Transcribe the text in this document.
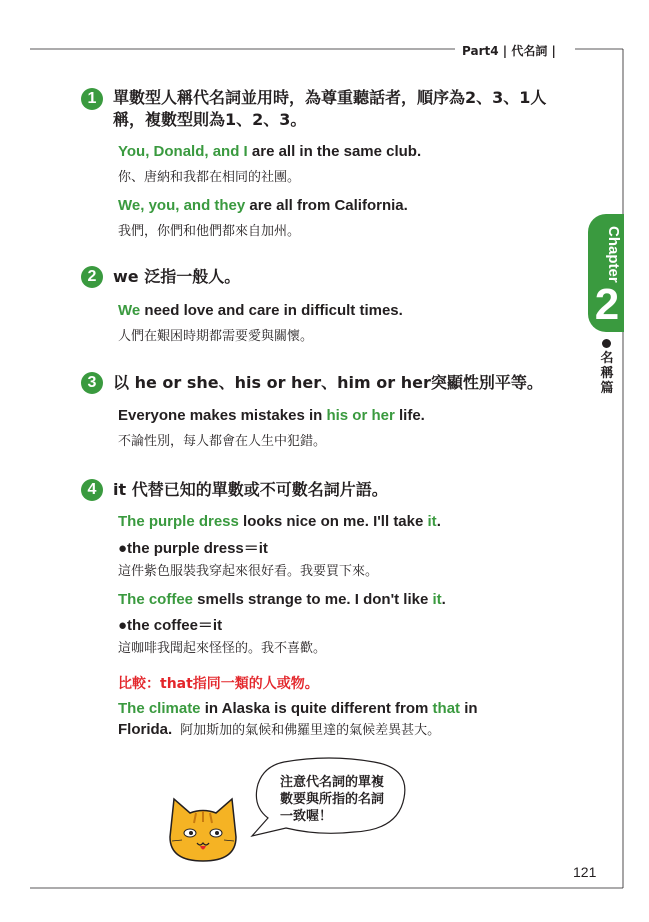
Part4 | 代名詞 |
Chapter
2
名稱篇
1	單數型人稱代名詞並用時，為尊重聽話者，順序為2、3、1人
稱，複數型則為1、2、3。
You, Donald, and I are all in the same club.
你、唐納和我都在相同的社團。
We, you, and they are all from California.
我們，你們和他們都來自加州。
2	we 泛指一般人。
We need love and care in difficult times.
人們在艱困時期都需要愛與關懷。
3	以 he or she、his or her、him or her突顯性別平等。
Everyone makes mistakes in his or her life.
不論性別，每人都會在人生中犯錯。
4	it 代替已知的單數或不可數名詞片語。
The purple dress looks nice on me. I'll take it.
●the purple dress＝it
這件紫色服裝我穿起來很好看。我要買下來。
The coffee smells strange to me. I don't like it.
●the coffee＝it
這咖啡我聞起來怪怪的。我不喜歡。
比較：that指同一類的人或物。
The climate in Alaska is quite different from that in
Florida. 阿加斯加的氣候和佛羅里達的氣候差異甚大。
注意代名詞的單複
數要與所指的名詞
一致喔！
121
